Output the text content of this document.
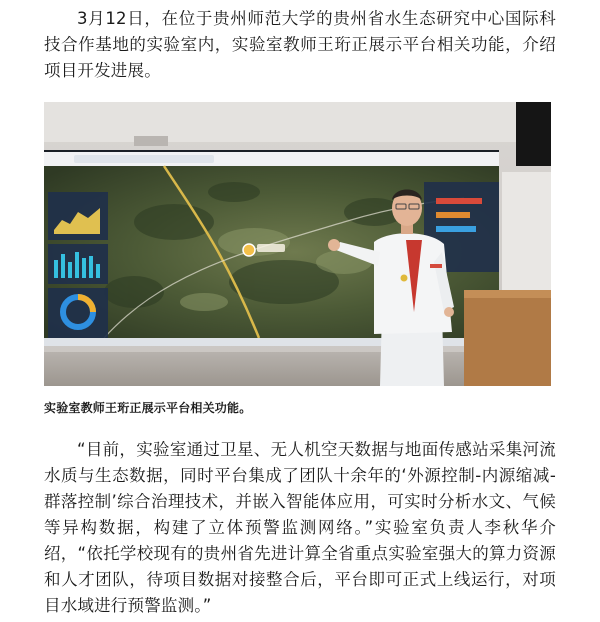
3月12日，在位于贵州师范大学的贵州省水生态研究中心国际科技合作基地的实验室内，实验室教师王珩正展示平台相关功能，介绍项目开发进展。

实验室教师王珩正展示平台相关功能。

“目前，实验室通过卫星、无人机空天数据与地面传感站采集河流水质与生态数据，同时平台集成了团队十余年的‘外源控制-内源缩减-群落控制’综合治理技术，并嵌入智能体应用，可实时分析水文、气候等异构数据，构建了立体预警监测网络。”实验室负责人李秋华介绍，“依托学校现有的贵州省先进计算全省重点实验室强大的算力资源和人才团队，待项目数据对接整合后，平台即可正式上线运行，对项目水域进行预警监测。”
